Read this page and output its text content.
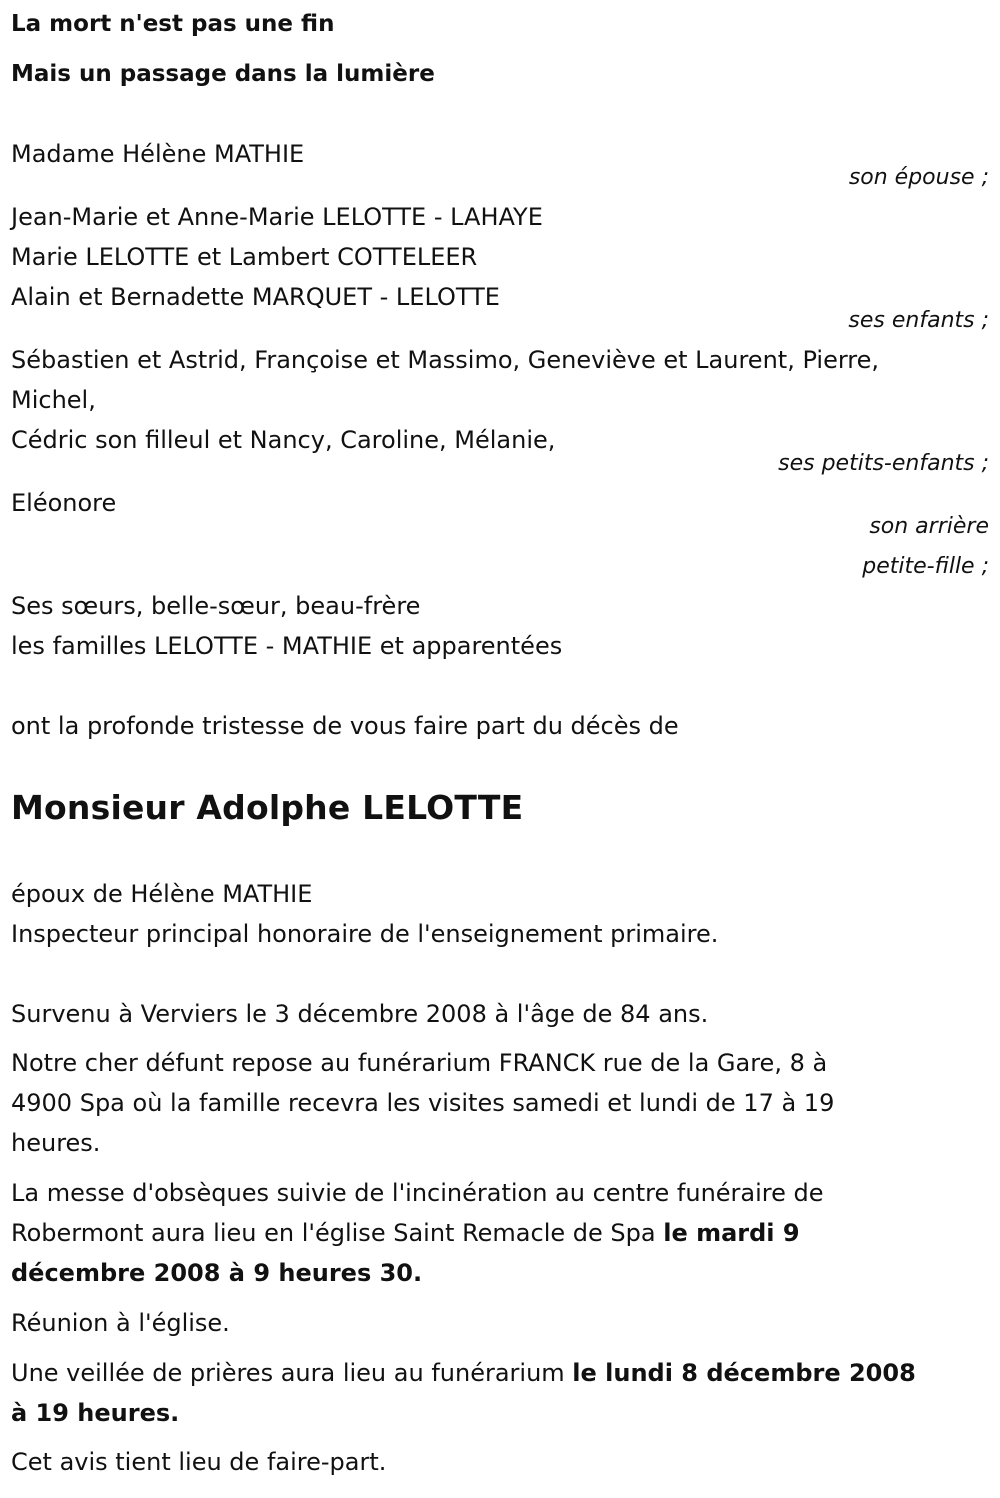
La mort n'est pas une fin

Mais un passage dans la lumière

Madame Hélène MATHIE

son épouse ;

Jean-Marie et Anne-Marie LELOTTE - LAHAYE

Marie LELOTTE et Lambert COTTELEER

Alain et Bernadette MARQUET - LELOTTE

ses enfants ;

Sébastien et Astrid, Françoise et Massimo, Geneviève et Laurent, Pierre,

Michel,

Cédric son filleul et Nancy, Caroline, Mélanie,

ses petits-enfants ;

Eléonore

son arrière

petite-fille ;

Ses sœurs, belle-sœur, beau-frère

les familles LELOTTE - MATHIE et apparentées

ont la profonde tristesse de vous faire part du décès de

Monsieur Adolphe LELOTTE

époux de Hélène MATHIE

Inspecteur principal honoraire de l'enseignement primaire.

Survenu à Verviers le 3 décembre 2008 à l'âge de 84 ans.

Notre cher défunt repose au funérarium FRANCK rue de la Gare, 8 à

4900 Spa où la famille recevra les visites samedi et lundi de 17 à 19

heures.

La messe d'obsèques suivie de l'incinération au centre funéraire de

Robermont aura lieu en l'église Saint Remacle de Spa le mardi 9

décembre 2008 à 9 heures 30.

Réunion à l'église.

Une veillée de prières aura lieu au funérarium le lundi 8 décembre 2008

à 19 heures.

Cet avis tient lieu de faire-part.
